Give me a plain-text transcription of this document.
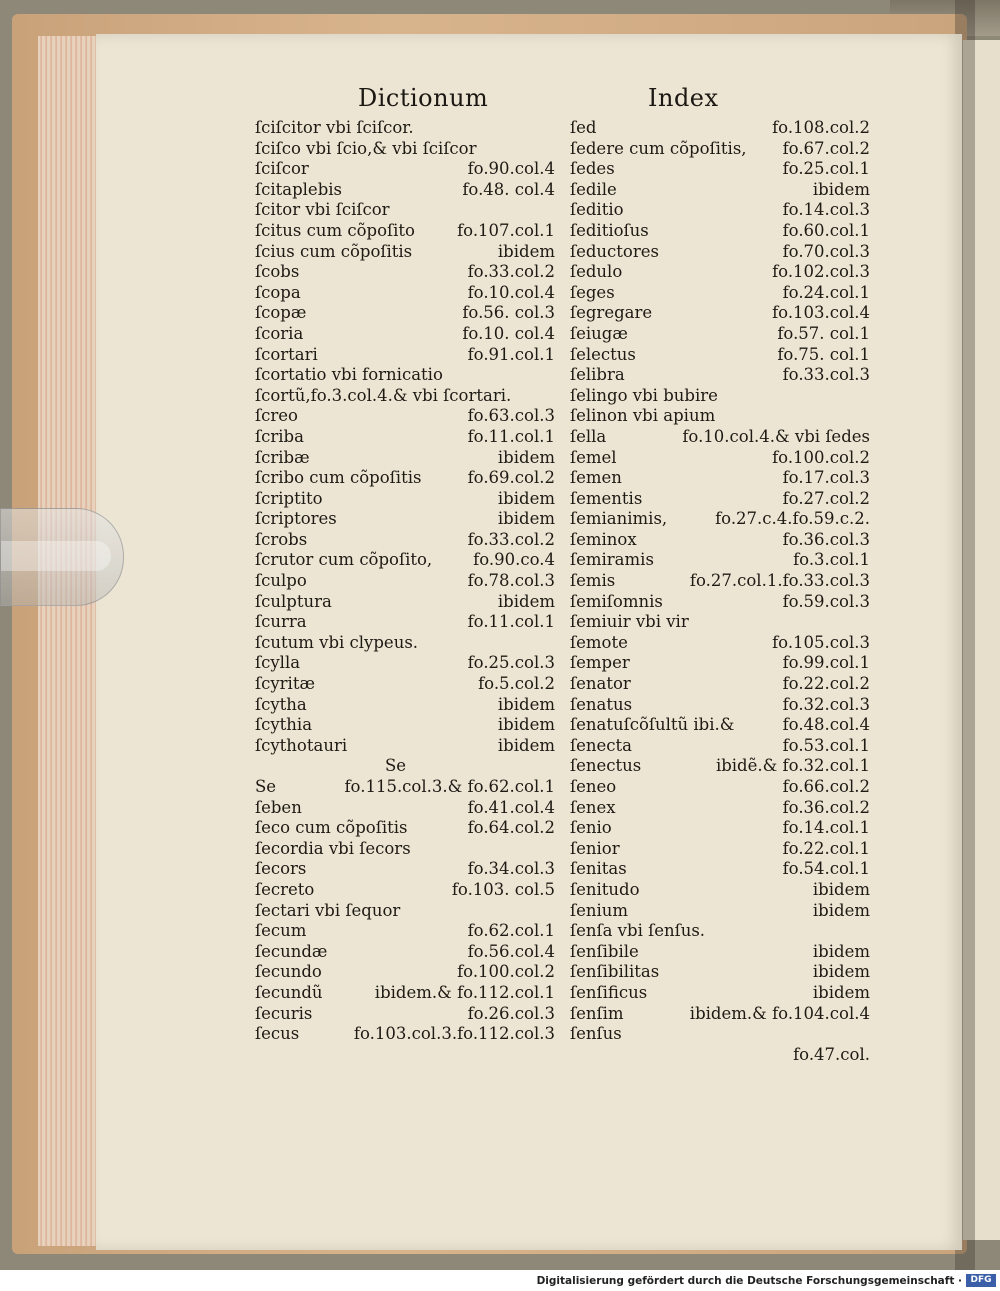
Dictionum	Index
ſciſcitor vbi ſciſcor.
ſciſco vbi ſcio,& vbi ſciſcor
ſciſcor	fo.90.col.4
ſcitaplebis	fo.48. col.4
ſcitor vbi ſciſcor
ſcitus cum cõpoſito	fo.107.col.1
ſcius cum cõpoſitis	ibidem
ſcobs	fo.33.col.2
ſcopa	fo.10.col.4
ſcopæ	fo.56. col.3
ſcoria	fo.10. col.4
ſcortari	fo.91.col.1
ſcortatio vbi fornicatio
ſcortũ,fo.3.col.4.& vbi ſcortari.
ſcreo	fo.63.col.3
ſcriba	fo.11.col.1
ſcribæ	ibidem
ſcribo cum cõpoſitis	fo.69.col.2
ſcriptito	ibidem
ſcriptores	ibidem
ſcrobs	fo.33.col.2
ſcrutor cum cõpoſito, fo.90.co.4
ſculpo	fo.78.col.3
ſculptura	ibidem
ſcurra	fo.11.col.1
ſcutum vbi clypeus.
ſcylla	fo.25.col.3
ſcyritæ	fo.5.col.2
ſcytha	ibidem
ſcythia	ibidem
ſcythotauri	ibidem
Se
Se	fo.115.col.3.& fo.62.col.1
ſeben	fo.41.col.4
ſeco cum cõpoſitis	fo.64.col.2
ſecordia vbi ſecors
ſecors	fo.34.col.3
ſecreto	fo.103. col.5
ſectari vbi ſequor
ſecum	fo.62.col.1
ſecundæ	fo.56.col.4
ſecundo	fo.100.col.2
ſecundũ	ibidem.& fo.112.col.1
ſecuris	fo.26.col.3
ſecus	fo.103.col.3.fo.112.col.3
ſed	fo.108.col.2
ſedere cum cõpoſitis, fo.67.col.2
ſedes	fo.25.col.1
ſedile	ibidem
ſeditio	fo.14.col.3
ſeditioſus	fo.60.col.1
ſeductores	fo.70.col.3
ſedulo	fo.102.col.3
ſeges	fo.24.col.1
ſegregare	fo.103.col.4
ſeiugæ	fo.57. col.1
ſelectus	fo.75. col.1
ſelibra	fo.33.col.3
ſelingo vbi bubire
ſelinon vbi apium
ſella	fo.10.col.4.& vbi ſedes
ſemel	fo.100.col.2
ſemen	fo.17.col.3
ſementis	fo.27.col.2
ſemianimis,	fo.27.c.4.fo.59.c.2.
ſeminox	fo.36.col.3
ſemiramis	fo.3.col.1
ſemis	fo.27.col.1.fo.33.col.3
ſemiſomnis	fo.59.col.3
ſemiuir vbi vir
ſemote	fo.105.col.3
ſemper	fo.99.col.1
ſenator	fo.22.col.2
ſenatus	fo.32.col.3
ſenatuſcõſultũ ibi.&	fo.48.col.4
ſenecta	fo.53.col.1
ſenectus	ibidẽ.& fo.32.col.1
ſeneo	fo.66.col.2
ſenex	fo.36.col.2
ſenio	fo.14.col.1
ſenior	fo.22.col.1
ſenitas	fo.54.col.1
ſenitudo	ibidem
ſenium	ibidem
ſenſa vbi ſenſus.
ſenſibile	ibidem
ſenſibilitas	ibidem
ſenſificus	ibidem
ſenſim	ibidem.& fo.104.col.4
ſenſus
fo.47.col.
Digitalisierung gefördert durch die Deutsche Forschungsgemeinschaft · DFG
